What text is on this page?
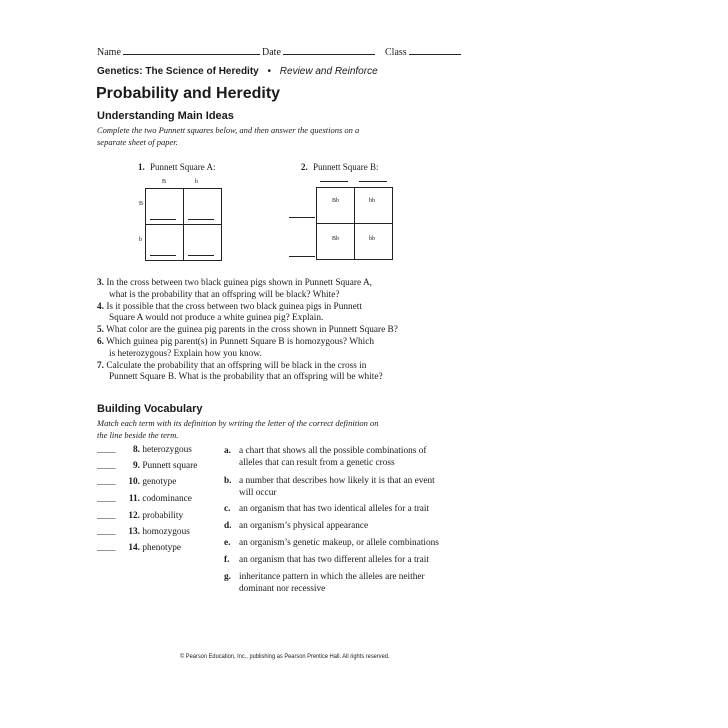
Name	Date	Class
Genetics: The Science of Heredity • Review and Reinforce
Probability and Heredity
Understanding Main Ideas
Complete the two Punnett squares below, and then answer the questions on a
separate sheet of paper.
1. Punnett Square A:
B	b
B
b
2. Punnett Square B:
Bb	bb
Bb	bb
3. In the cross between two black guinea pigs shown in Punnett Square A,
what is the probability that an offspring will be black? White?
4. Is it possible that the cross between two black guinea pigs in Punnett
Square A would not produce a white guinea pig? Explain.
5. What color are the guinea pig parents in the cross shown in Punnett Square B?
6. Which guinea pig parent(s) in Punnett Square B is homozygous? Which
is heterozygous? Explain how you know.
7. Calculate the probability that an offspring will be black in the cross in
Punnett Square B. What is the probability that an offspring will be white?
Building Vocabulary
Match each term with its definition by writing the letter of the correct definition on
the line beside the term.
____ 8. heterozygous
____ 9. Punnett square
____ 10. genotype
____ 11. codominance
____ 12. probability
____ 13. homozygous
____ 14. phenotype
a. a chart that shows all the possible combinations of
alleles that can result from a genetic cross
b. a number that describes how likely it is that an event
will occur
c. an organism that has two identical alleles for a trait
d. an organism’s physical appearance
e. an organism’s genetic makeup, or allele combinations
f. an organism that has two different alleles for a trait
g. inheritance pattern in which the alleles are neither
dominant nor recessive
© Pearson Education, Inc., publishing as Pearson Prentice Hall. All rights reserved.
